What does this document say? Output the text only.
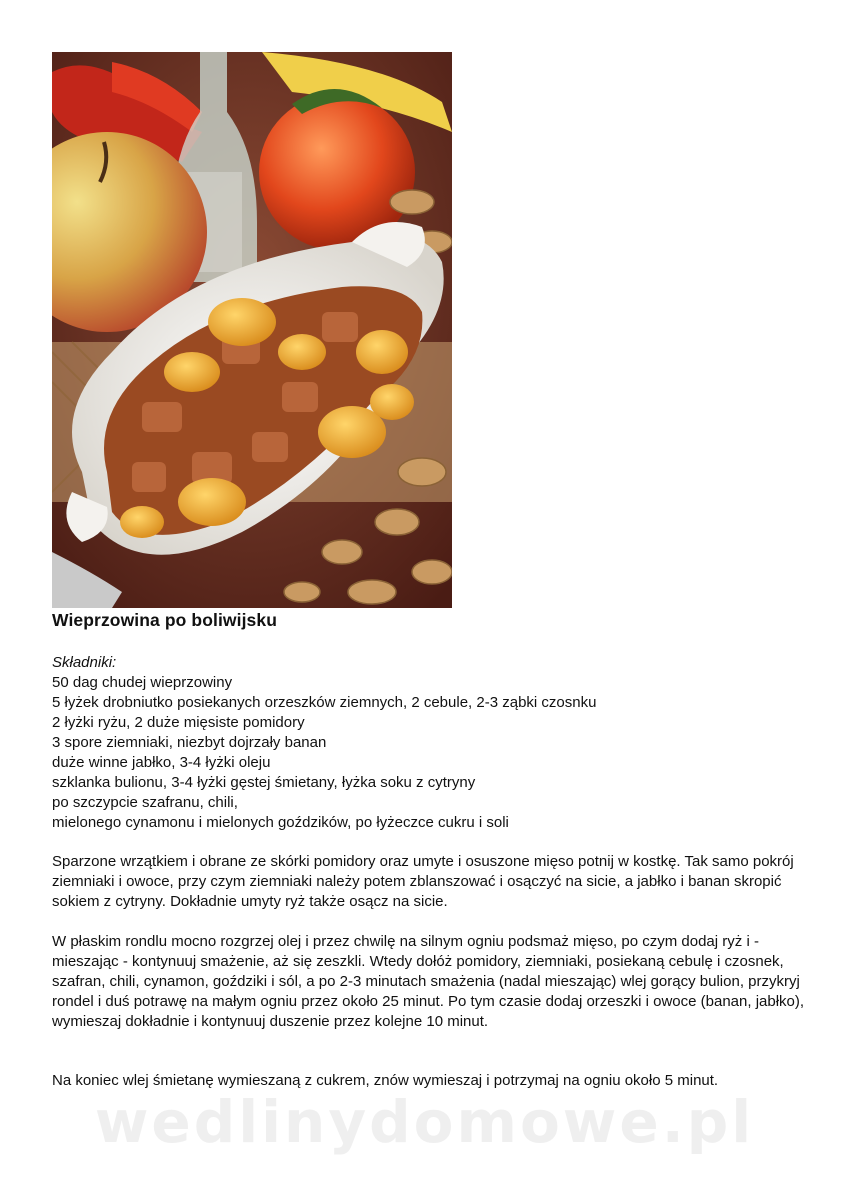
Wieprzowina po boliwijsku
Składniki:
50 dag chudej wieprzowiny
5 łyżek drobniutko posiekanych orzeszków ziemnych, 2 cebule, 2-3 ząbki czosnku
2 łyżki ryżu, 2 duże mięsiste pomidory
3 spore ziemniaki, niezbyt dojrzały banan
duże winne jabłko, 3-4 łyżki oleju
szklanka bulionu, 3-4 łyżki gęstej śmietany, łyżka soku z cytryny
po szczypcie szafranu, chili,
mielonego cynamonu i mielonych goździków, po łyżeczce cukru i soli

Sparzone wrzątkiem i obrane ze skórki pomidory oraz umyte i osuszone mięso potnij w kostkę. Tak samo pokrój ziemniaki i owoce, przy czym ziemniaki należy potem zblanszować i osączyć na sicie, a jabłko i banan skropić sokiem z cytryny. Dokładnie umyty ryż także osącz na sicie.

W płaskim rondlu mocno rozgrzej olej i przez chwilę na silnym ogniu podsmaż mięso, po czym dodaj ryż i - mieszając - kontynuuj smażenie, aż się zeszkli. Wtedy dołóż pomidory, ziemniaki, posiekaną cebulę i czosnek, szafran, chili, cynamon, goździki i sól, a po 2-3 minutach smażenia (nadal mieszając) wlej gorący bulion, przykryj rondel i duś potrawę na małym ogniu przez około 25 minut. Po tym czasie dodaj orzeszki i owoce (banan, jabłko), wymieszaj dokładnie i kontynuuj duszenie przez kolejne 10 minut.

Na koniec wlej śmietanę wymieszaną z cukrem, znów wymieszaj i potrzymaj na ogniu około 5 minut.

wedlinydomowe.pl
